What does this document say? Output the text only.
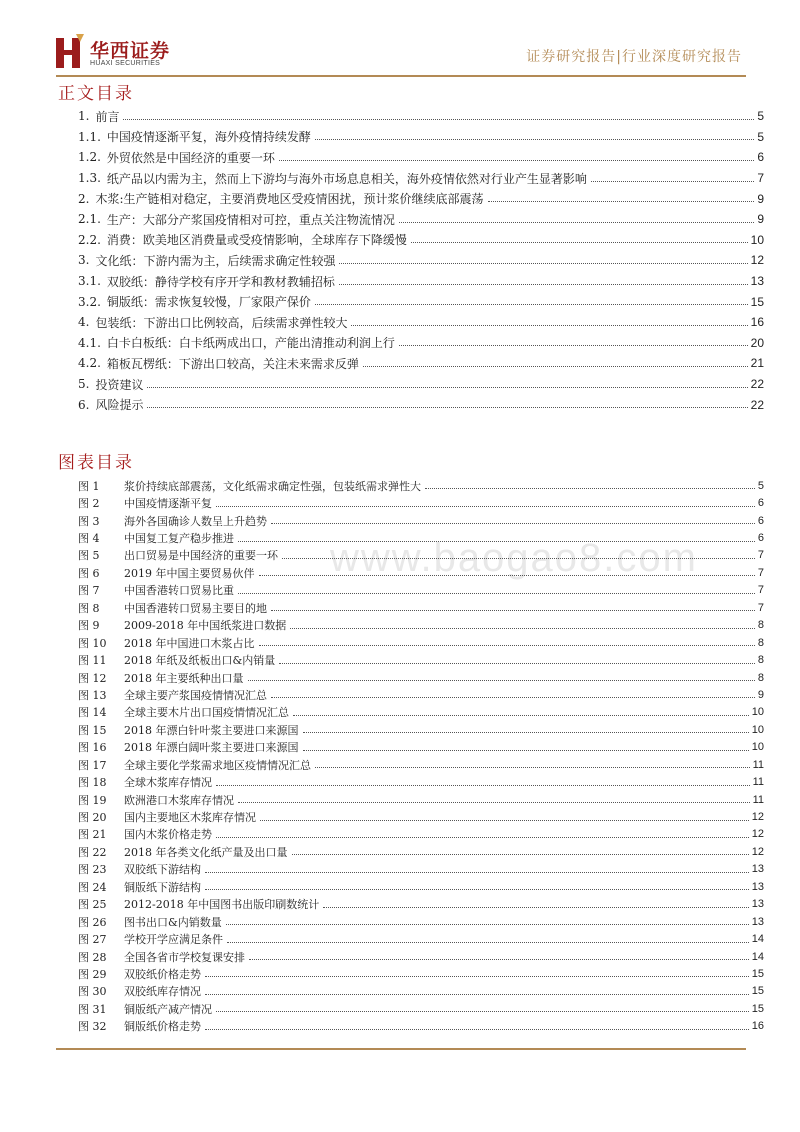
华西证券
HUAXI SECURITIES	证券研究报告|行业深度研究报告
正文目录
1. 前言	5
1.1. 中国疫情逐渐平复，海外疫情持续发酵	5
1.2. 外贸依然是中国经济的重要一环	6
1.3. 纸产品以内需为主，然而上下游均与海外市场息息相关，海外疫情依然对行业产生显著影响	7
2. 木浆:生产链相对稳定，主要消费地区受疫情困扰，预计浆价继续底部震荡	9
2.1. 生产：大部分产浆国疫情相对可控，重点关注物流情况	9
2.2. 消费：欧美地区消费量或受疫情影响，全球库存下降缓慢	10
3. 文化纸：下游内需为主，后续需求确定性较强	12
3.1. 双胶纸：静待学校有序开学和教材教辅招标	13
3.2. 铜版纸：需求恢复较慢，厂家限产保价	15
4. 包装纸：下游出口比例较高，后续需求弹性较大	16
4.1. 白卡白板纸：白卡纸两成出口，产能出清推动利润上行	20
4.2. 箱板瓦楞纸：下游出口较高，关注未来需求反弹	21
5. 投资建议	22
6. 风险提示	22
www.baogao8.com
图表目录
图 1	浆价持续底部震荡，文化纸需求确定性强，包装纸需求弹性大	5
图 2	中国疫情逐渐平复	6
图 3	海外各国确诊人数呈上升趋势	6
图 4	中国复工复产稳步推进	6
图 5	出口贸易是中国经济的重要一环	7
图 6	2019 年中国主要贸易伙伴	7
图 7	中国香港转口贸易比重	7
图 8	中国香港转口贸易主要目的地	7
图 9	2009-2018 年中国纸浆进口数据	8
图 10	2018 年中国进口木浆占比	8
图 11	2018 年纸及纸板出口&内销量	8
图 12	2018 年主要纸种出口量	8
图 13	全球主要产浆国疫情情况汇总	9
图 14	全球主要木片出口国疫情情况汇总	10
图 15	2018 年漂白针叶浆主要进口来源国	10
图 16	2018 年漂白阔叶浆主要进口来源国	10
图 17	全球主要化学浆需求地区疫情情况汇总	11
图 18	全球木浆库存情况	11
图 19	欧洲港口木浆库存情况	11
图 20	国内主要地区木浆库存情况	12
图 21	国内木浆价格走势	12
图 22	2018 年各类文化纸产量及出口量	12
图 23	双胶纸下游结构	13
图 24	铜版纸下游结构	13
图 25	2012-2018 年中国图书出版印刷数统计	13
图 26	图书出口&内销数量	13
图 27	学校开学应满足条件	14
图 28	全国各省市学校复课安排	14
图 29	双胶纸价格走势	15
图 30	双胶纸库存情况	15
图 31	铜版纸产减产情况	15
图 32	铜版纸价格走势	16
